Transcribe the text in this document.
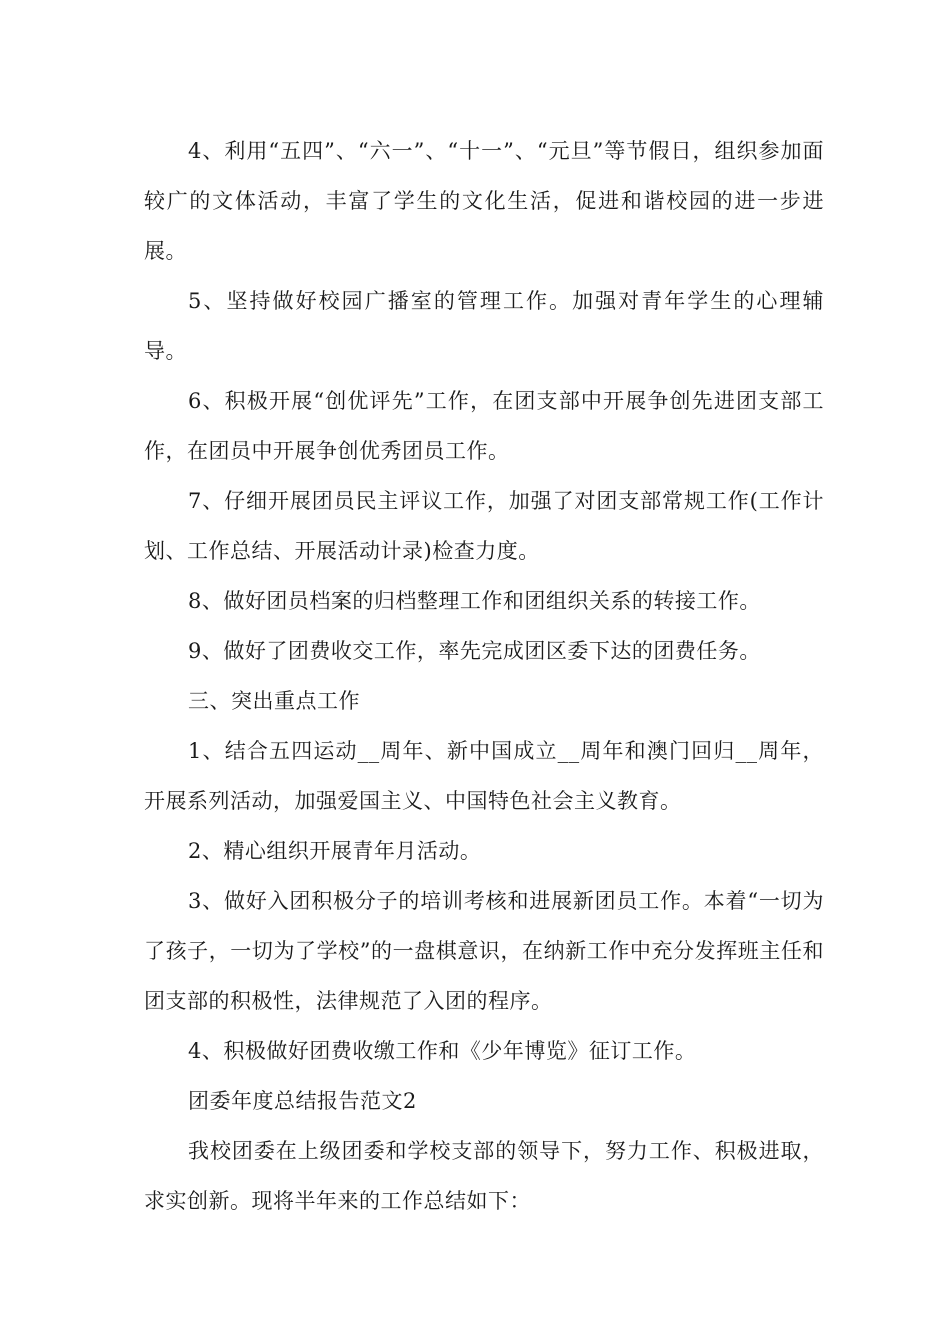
4、利用“五四”、“六一”、“十一”、“元旦”等节假日，组织参加面较广的文体活动，丰富了学生的文化生活，促进和谐校园的进一步进展。

5、坚持做好校园广播室的管理工作。加强对青年学生的心理辅导。

6、积极开展“创优评先”工作，在团支部中开展争创先进团支部工作，在团员中开展争创优秀团员工作。

7、仔细开展团员民主评议工作，加强了对团支部常规工作(工作计划、工作总结、开展活动计录)检查力度。

8、做好团员档案的归档整理工作和团组织关系的转接工作。

9、做好了团费收交工作，率先完成团区委下达的团费任务。

三、突出重点工作

1、结合五四运动__周年、新中国成立__周年和澳门回归__周年，开展系列活动，加强爱国主义、中国特色社会主义教育。

2、精心组织开展青年月活动。

3、做好入团积极分子的培训考核和进展新团员工作。本着“一切为了孩子，一切为了学校”的一盘棋意识，在纳新工作中充分发挥班主任和团支部的积极性，法律规范了入团的程序。

4、积极做好团费收缴工作和《少年博览》征订工作。

团委年度总结报告范文2

我校团委在上级团委和学校支部的领导下，努力工作、积极进取，求实创新。现将半年来的工作总结如下：
